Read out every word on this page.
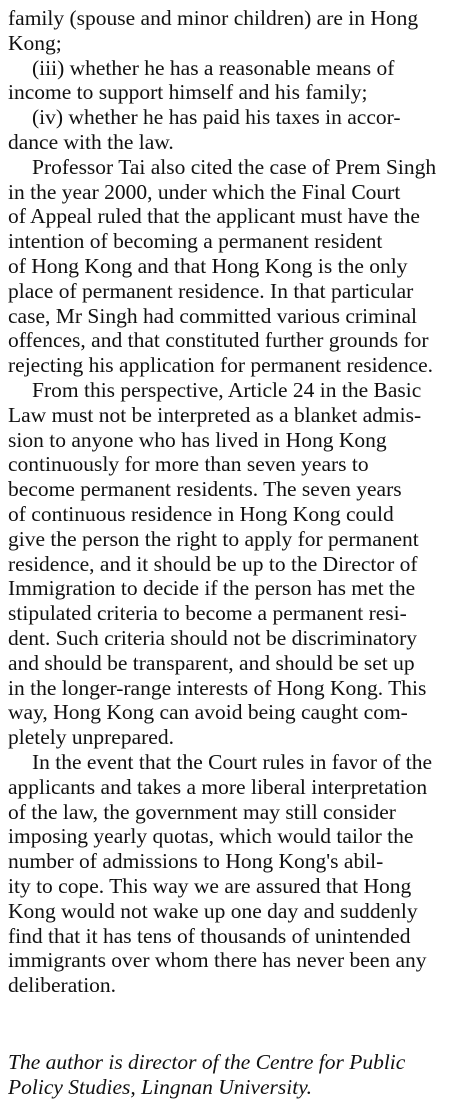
family (spouse and minor children) are in Hong
Kong;
(iii) whether he has a reasonable means of
income to support himself and his family;
(iv) whether he has paid his taxes in accor-
dance with the law.
Professor Tai also cited the case of Prem Singh
in the year 2000, under which the Final Court
of Appeal ruled that the applicant must have the
intention of becoming a permanent resident
of Hong Kong and that Hong Kong is the only
place of permanent residence. In that particular
case, Mr Singh had committed various criminal
offences, and that constituted further grounds for
rejecting his application for permanent residence.
From this perspective, Article 24 in the Basic
Law must not be interpreted as a blanket admis-
sion to anyone who has lived in Hong Kong
continuously for more than seven years to
become permanent residents. The seven years
of continuous residence in Hong Kong could
give the person the right to apply for permanent
residence, and it should be up to the Director of
Immigration to decide if the person has met the
stipulated criteria to become a permanent resi-
dent. Such criteria should not be discriminatory
and should be transparent, and should be set up
in the longer-range interests of Hong Kong. This
way, Hong Kong can avoid being caught com-
pletely unprepared.
In the event that the Court rules in favor of the
applicants and takes a more liberal interpretation
of the law, the government may still consider
imposing yearly quotas, which would tailor the
number of admissions to Hong Kong's abil-
ity to cope. This way we are assured that Hong
Kong would not wake up one day and suddenly
find that it has tens of thousands of unintended
immigrants over whom there has never been any
deliberation.
The author is director of the Centre for Public
Policy Studies, Lingnan University.
